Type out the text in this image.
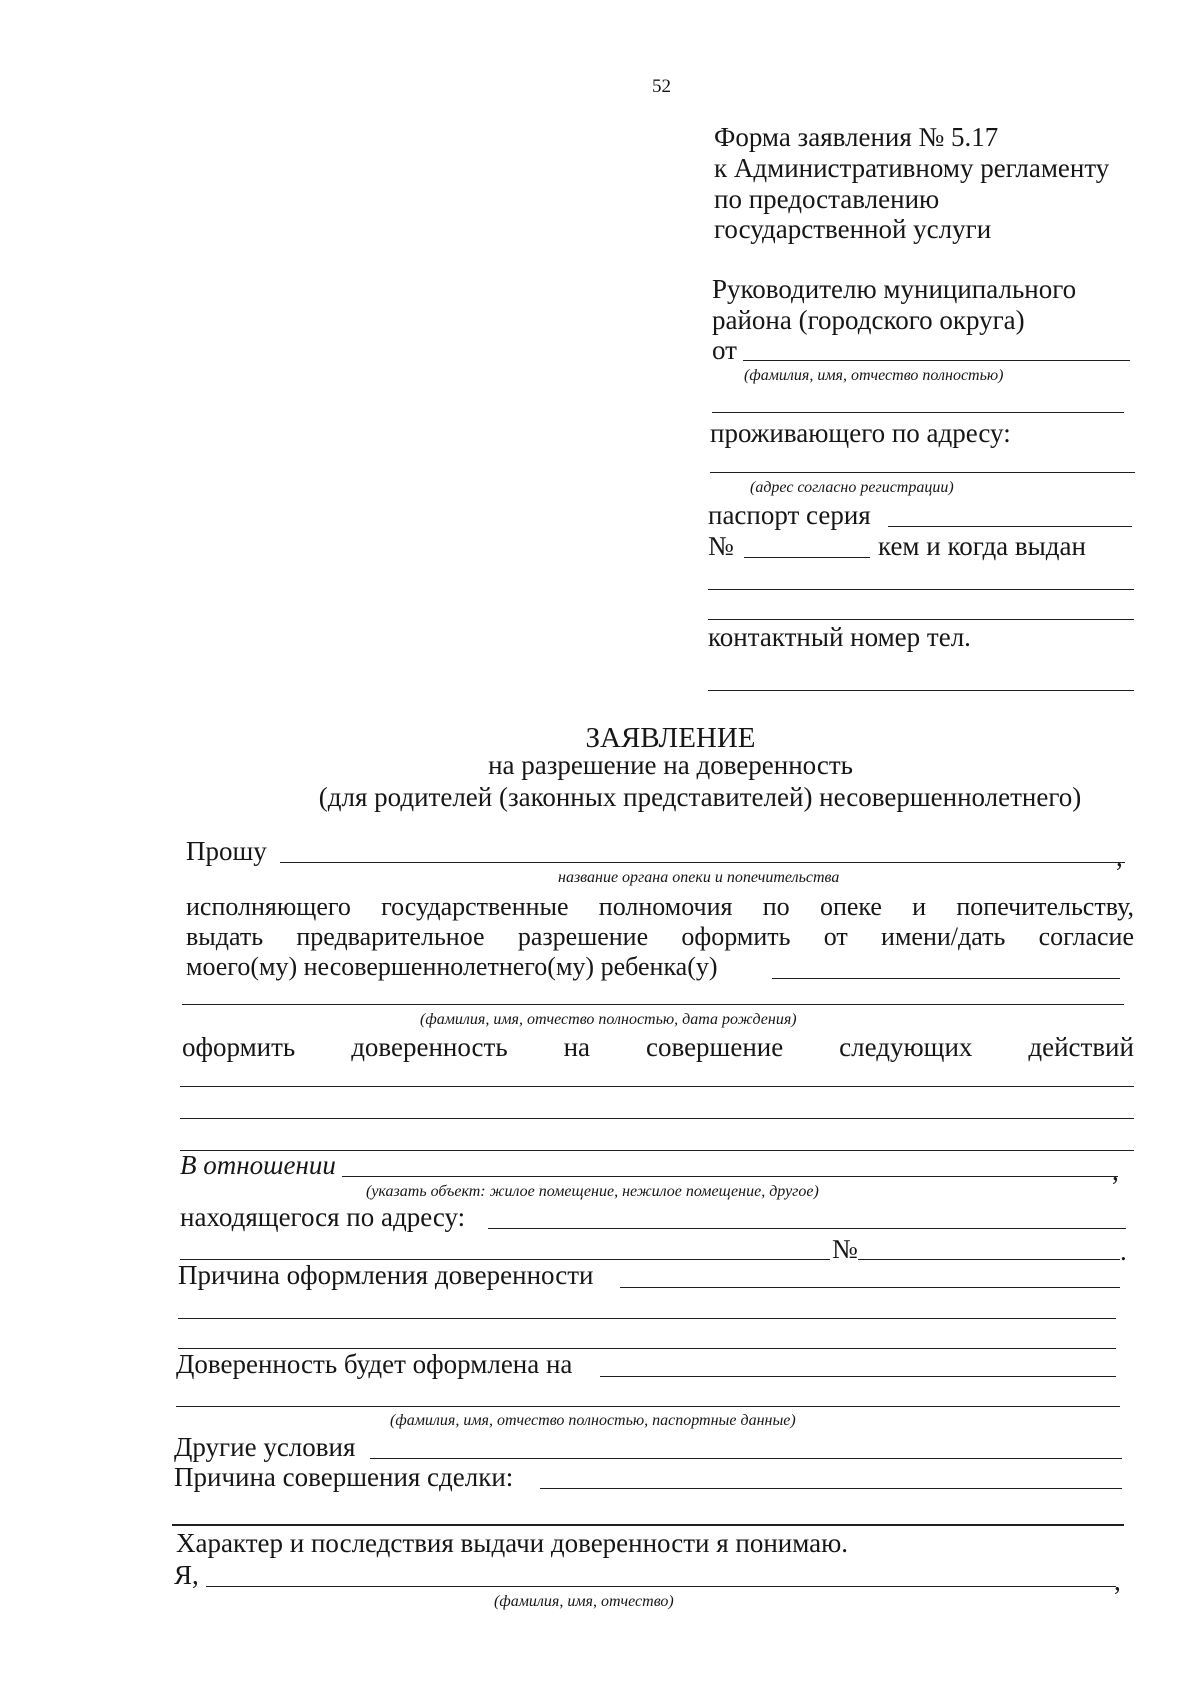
52
Форма заявления № 5.17
к Административному регламенту
по предоставлению
государственной услуги
Руководителю муниципального
района (городского округа)
от
(фамилия, имя, отчество полностью)
проживающего по адресу:
(адрес согласно регистрации)
паспорт серия
№	кем и когда выдан
контактный номер тел.
ЗАЯВЛЕНИЕ
на разрешение на доверенность
(для родителей (законных представителей) несовершеннолетнего)
Прошу	,
название органа опеки и попечительства
исполняющего государственные полномочия по опеке и попечительству,
выдать предварительное разрешение оформить от имени/дать согласие
моего(му) несовершеннолетнего(му) ребенка(у)
(фамилия, имя, отчество полностью, дата рождения)
оформить доверенность на совершение следующих действий
В отношении	,
(указать объект: жилое помещение, нежилое помещение, другое)
находящегося по адресу:
№	.
Причина оформления доверенности
Доверенность будет оформлена на
(фамилия, имя, отчество полностью, паспортные данные)
Другие условия
Причина совершения сделки:
Характер и последствия выдачи доверенности я понимаю.
Я,	,
(фамилия, имя, отчество)
